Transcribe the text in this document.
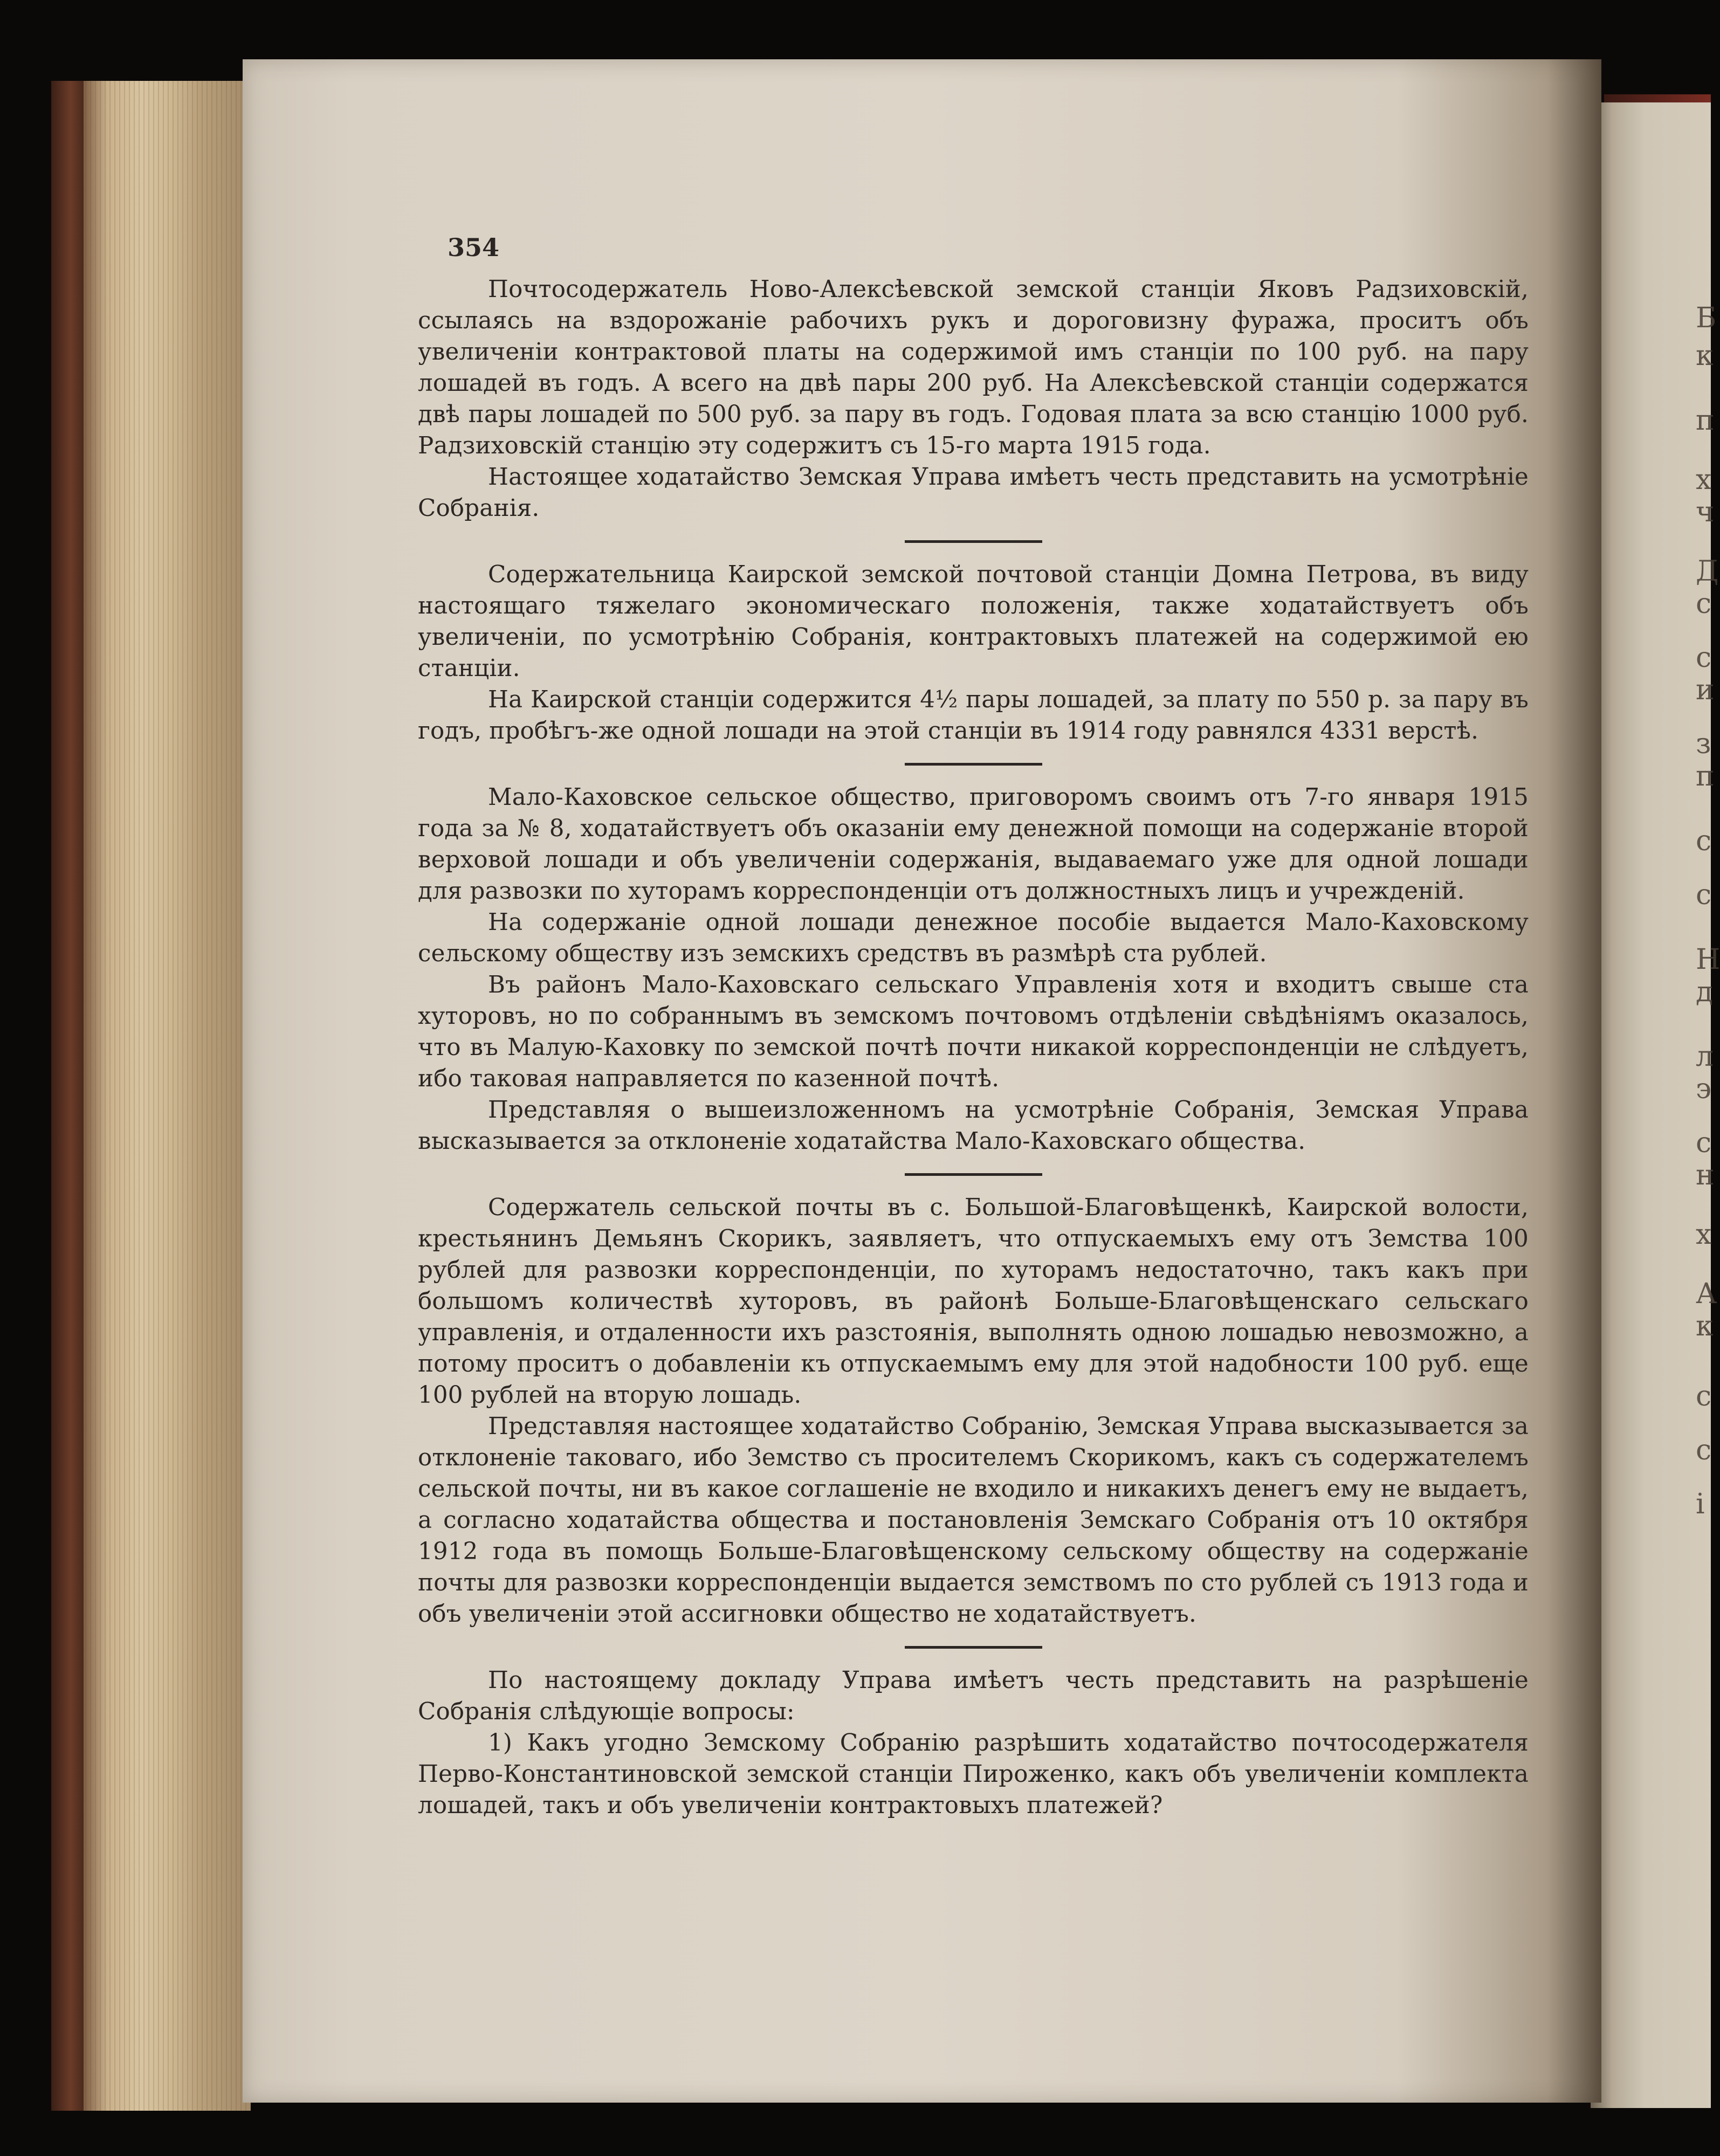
Б
к
п
х
ч
Д
с
с
и
з
п
с
с
Н
д
л
э
с
н
х
А
к
с
с
і
354

Почтосодержатель Ново-Алексѣевской земской станціи Яковъ Радзиховскій, ссылаясь на вздорожаніе рабочихъ рукъ и дороговизну фуража, проситъ объ увеличеніи контрактовой платы на содержимой имъ станціи по 100 руб. на пару лошадей въ годъ. А всего на двѣ пары 200 руб. На Алексѣевской станціи содержатся двѣ пары лошадей по 500 руб. за пару въ годъ. Годовая плата за всю станцію 1000 руб. Радзиховскій станцію эту содержитъ съ 15-го марта 1915 года.

Настоящее ходатайство Земская Управа имѣетъ честь представить на усмотрѣніе Собранія.

Содержательница Каирской земской почтовой станціи Домна Петрова, въ виду настоящаго тяжелаго экономическаго положенія, также ходатайствуетъ объ увеличеніи, по усмотрѣнію Собранія, контрактовыхъ платежей на содержимой ею станціи.

На Каирской станціи содержится 4½ пары лошадей, за плату по 550 р. за пару въ годъ, пробѣгъ-же одной лошади на этой станціи въ 1914 году равнялся 4331 верстѣ.

Мало-Каховское сельское общество, приговоромъ своимъ отъ 7-го января 1915 года за № 8, ходатайствуетъ объ оказаніи ему денежной помощи на содержаніе второй верховой лошади и объ увеличеніи содержанія, выдаваемаго уже для одной лошади для развозки по хуторамъ корреспонденціи отъ должностныхъ лицъ и учрежденій.

На содержаніе одной лошади денежное пособіе выдается Мало-Каховскому сельскому обществу изъ земскихъ средствъ въ размѣрѣ ста рублей.

Въ районъ Мало-Каховскаго сельскаго Управленія хотя и входитъ свыше ста хуторовъ, но по собраннымъ въ земскомъ почтовомъ отдѣленіи свѣдѣніямъ оказалось, что въ Малую-Каховку по земской почтѣ почти никакой корреспонденціи не слѣдуетъ, ибо таковая направляется по казенной почтѣ.

Представляя о вышеизложенномъ на усмотрѣніе Собранія, Земская Управа высказывается за отклоненіе ходатайства Мало-Каховскаго общества.

Содержатель сельской почты въ с. Большой-Благовѣщенкѣ, Каирской волости, крестьянинъ Демьянъ Скорикъ, заявляетъ, что отпускаемыхъ ему отъ Земства 100 рублей для развозки корреспонденціи, по хуторамъ недостаточно, такъ какъ при большомъ количествѣ хуторовъ, въ районѣ Больше-Благовѣщенскаго сельскаго управленія, и отдаленности ихъ разстоянія, выполнять одною лошадью невозможно, а потому проситъ о добавленіи къ отпускаемымъ ему для этой надобности 100 руб. еще 100 рублей на вторую лошадь.

Представляя настоящее ходатайство Собранію, Земская Управа высказывается за отклоненіе таковаго, ибо Земство съ просителемъ Скорикомъ, какъ съ содержателемъ сельской почты, ни въ какое соглашеніе не входило и никакихъ денегъ ему не выдаетъ, а согласно ходатайства общества и постановленія Земскаго Собранія отъ 10 октября 1912 года въ помощь Больше-Благовѣщенскому сельскому обществу на содержаніе почты для развозки корреспонденціи выдается земствомъ по сто рублей съ 1913 года и объ увеличеніи этой ассигновки общество не ходатайствуетъ.

По настоящему докладу Управа имѣетъ честь представить на разрѣшеніе Собранія слѣдующіе вопросы:

1) Какъ угодно Земскому Собранію разрѣшить ходатайство почтосодержателя Перво-Константиновской земской станціи Пироженко, какъ объ увеличеніи комплекта лошадей, такъ и объ увеличеніи контрактовыхъ платежей?
